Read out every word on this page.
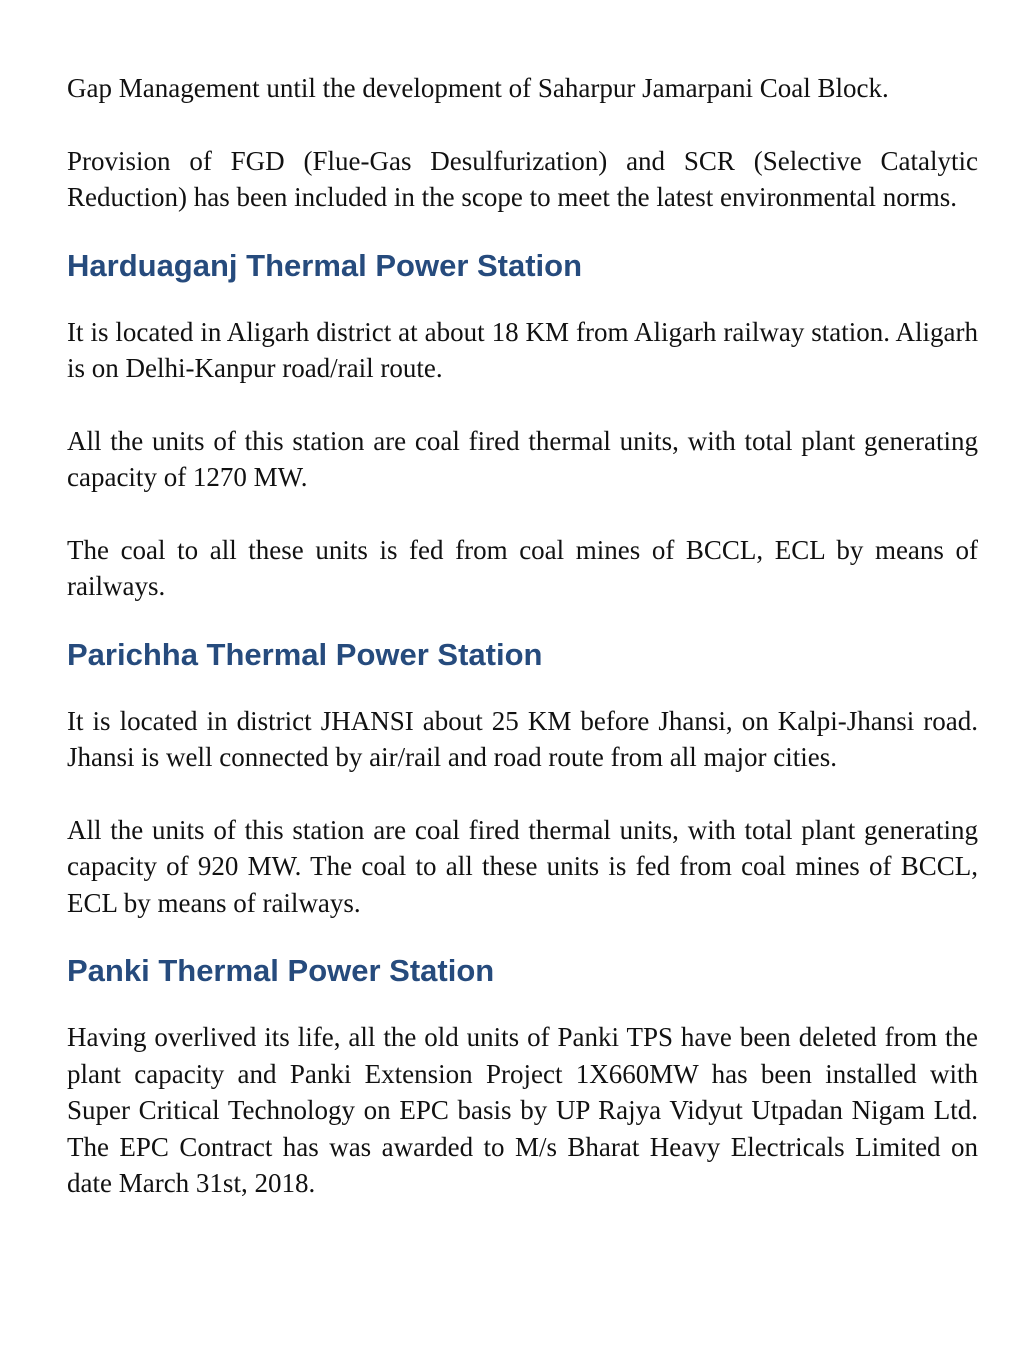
Gap Management until the development of Saharpur Jamarpani Coal Block.

Provision of FGD (Flue-Gas Desulfurization) and SCR (Selective Catalytic Reduction) has been included in the scope to meet the latest environmental norms.

Harduaganj Thermal Power Station

It is located in Aligarh district at about 18 KM from Aligarh railway station. Aligarh is on Delhi-Kanpur road/rail route.

All the units of this station are coal fired thermal units, with total plant generating capacity of 1270 MW.

The coal to all these units is fed from coal mines of BCCL, ECL by means of railways.

Parichha Thermal Power Station

It is located in district JHANSI about 25 KM before Jhansi, on Kalpi-Jhansi road. Jhansi is well connected by air/rail and road route from all major cities.

All the units of this station are coal fired thermal units, with total plant generating capacity of 920 MW. The coal to all these units is fed from coal mines of BCCL, ECL by means of railways.

Panki Thermal Power Station

Having overlived its life, all the old units of Panki TPS have been deleted from the plant capacity and Panki Extension Project 1X660MW has been installed with Super Critical Technology on EPC basis by UP Rajya Vidyut Utpadan Nigam Ltd. The EPC Contract has was awarded to M/s Bharat Heavy Electricals Limited on date March 31st, 2018.
